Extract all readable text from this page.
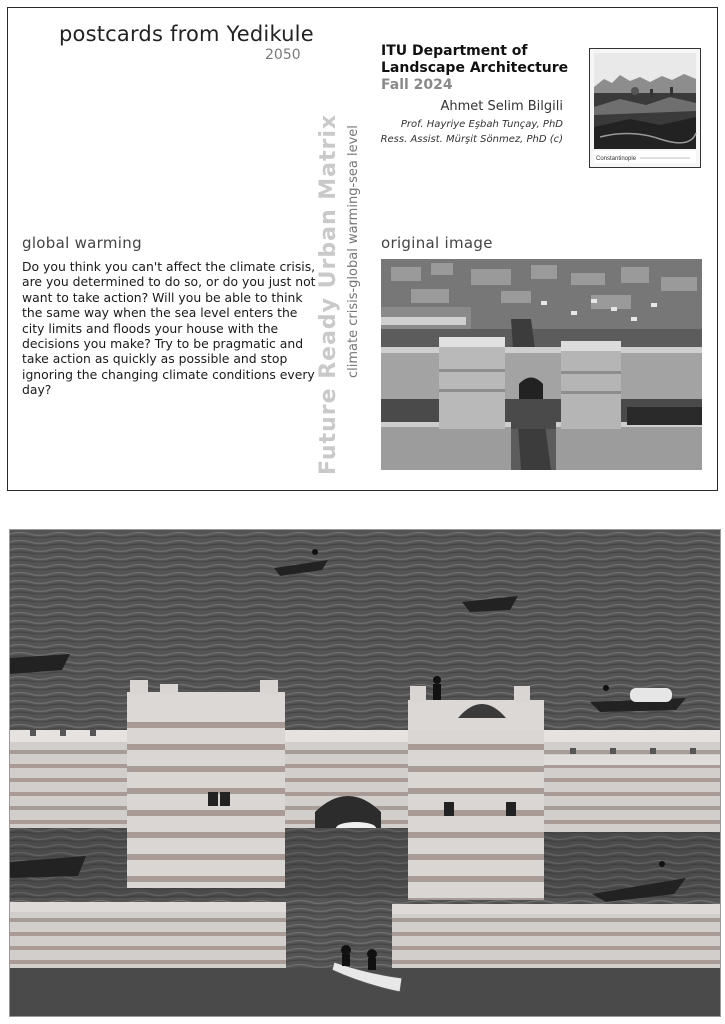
postcards from Yedikule
2050	ITU Department of Landscape Architecture
Fall 2024
Ahmet Selim Bilgili
Prof. Hayriye Eşbah Tunçay, PhD
Ress. Assist. Mürşit Sönmez, PhD (c)
Constantinople
global warming
Do you think you can't affect the climate crisis, are you determined to do so, or do you just not want to take action? Will you be able to think the same way when the sea level enters the city limits and floods your house with the decisions you make? Try to be pragmatic and take action as quickly as possible and stop ignoring the changing climate conditions every day?	Future Ready Urban Matrix climate crisis-global warming-sea level original image
